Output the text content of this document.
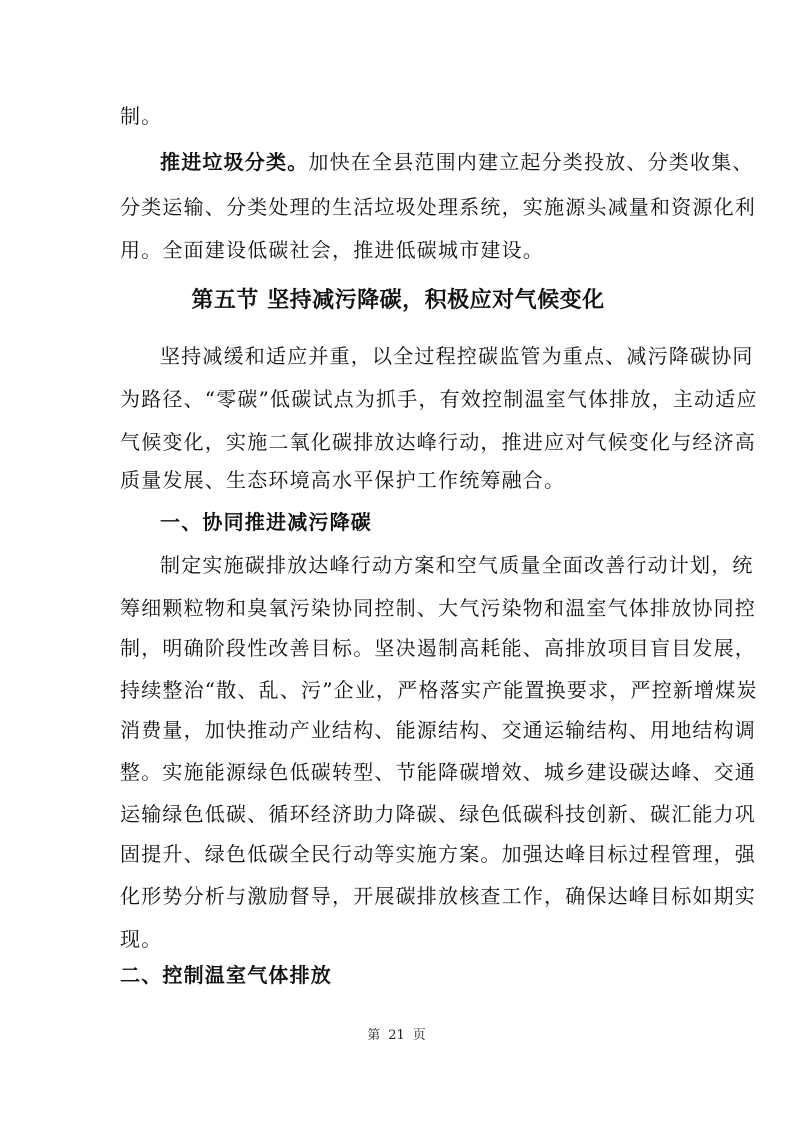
制。
推进垃圾分类。加快在全县范围内建立起分类投放、分类收集、
分类运输、分类处理的生活垃圾处理系统，实施源头减量和资源化利
用。全面建设低碳社会，推进低碳城市建设。
第五节 坚持减污降碳，积极应对气候变化
坚持减缓和适应并重，以全过程控碳监管为重点、减污降碳协同
为路径、“零碳”低碳试点为抓手，有效控制温室气体排放，主动适应
气候变化，实施二氧化碳排放达峰行动，推进应对气候变化与经济高
质量发展、生态环境高水平保护工作统筹融合。
一、协同推进减污降碳
制定实施碳排放达峰行动方案和空气质量全面改善行动计划，统
筹细颗粒物和臭氧污染协同控制、大气污染物和温室气体排放协同控
制，明确阶段性改善目标。坚决遏制高耗能、高排放项目盲目发展，
持续整治“散、乱、污”企业，严格落实产能置换要求，严控新增煤炭
消费量，加快推动产业结构、能源结构、交通运输结构、用地结构调
整。实施能源绿色低碳转型、节能降碳增效、城乡建设碳达峰、交通
运输绿色低碳、循环经济助力降碳、绿色低碳科技创新、碳汇能力巩
固提升、绿色低碳全民行动等实施方案。加强达峰目标过程管理，强
化形势分析与激励督导，开展碳排放核查工作，确保达峰目标如期实
现。
二、控制温室气体排放
第 21 页
